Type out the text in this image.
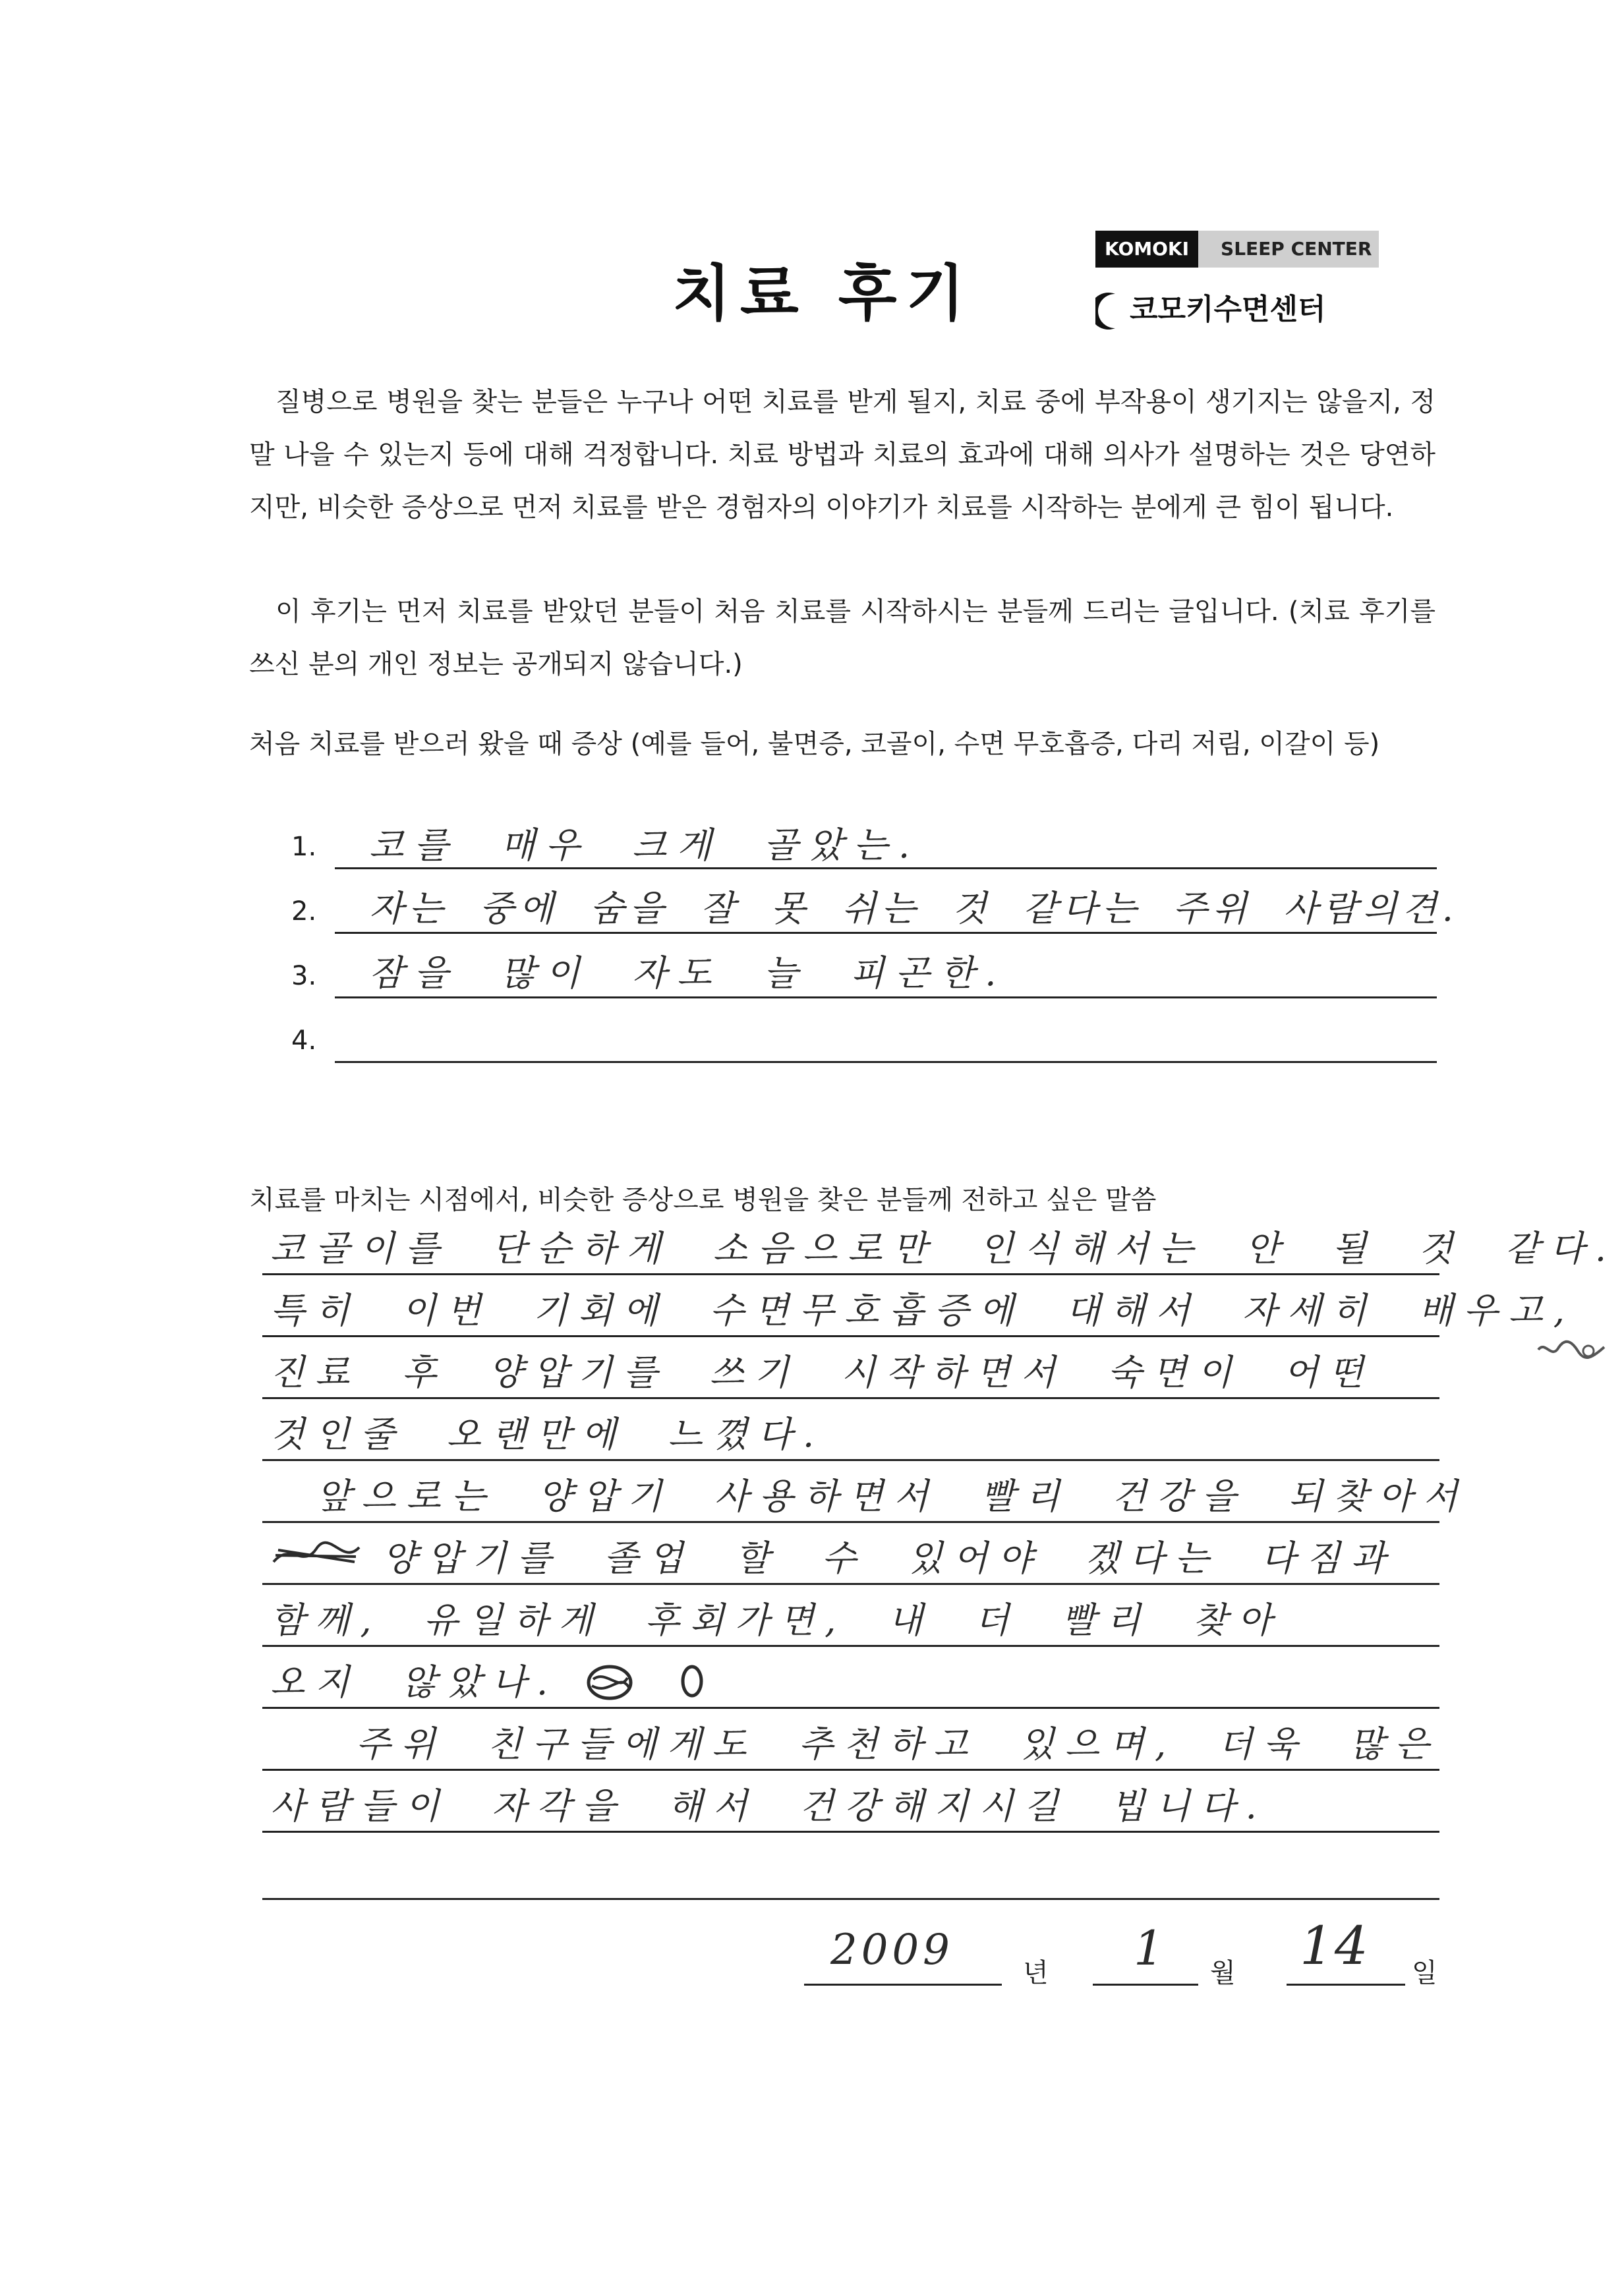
치료 후기
KOMOKI SLEEP CENTER
코모키수면센터
질병으로 병원을 찾는 분들은 누구나 어떤 치료를 받게 될지, 치료 중에 부작용이 생기지는 않을지, 정말 나을 수 있는지 등에 대해 걱정합니다. 치료 방법과 치료의 효과에 대해 의사가 설명하는 것은 당연하지만, 비슷한 증상으로 먼저 치료를 받은 경험자의 이야기가 치료를 시작하는 분에게 큰 힘이 됩니다.
이 후기는 먼저 치료를 받았던 분들이 처음 치료를 시작하시는 분들께 드리는 글입니다. (치료 후기를 쓰신 분의 개인 정보는 공개되지 않습니다.)
처음 치료를 받으러 왔을 때 증상 (예를 들어, 불면증, 코골이, 수면 무호흡증, 다리 저림, 이갈이 등)
1. 코를 매우 크게 골았는.
2. 자는 중에 숨을 잘 못 쉬는 것 같다는 주위 사람의견.
3. 잠을 많이 자도 늘 피곤한.
4.
치료를 마치는 시점에서, 비슷한 증상으로 병원을 찾은 분들께 전하고 싶은 말씀
코골이를 단순하게 소음으로만 인식해서는 안 될 것 같다.
특히 이번 기회에 수면무호흡증에 대해서 자세히 배우고,
진료 후 양압기를 쓰기 시작하면서 숙면이 어떤
것인줄 오랜만에 느꼈다.
앞으로는 양압기 사용하면서 빨리 건강을 되찾아서
양압기를 졸업 할 수 있어야 겠다는 다짐과
함께, 유일하게 후회가면, 내 더 빨리 찾아
오지 않았나.
주위 친구들에게도 추천하고 있으며, 더욱 많은
사람들이 자각을 해서 건강해지시길 빕니다.
2009	년 1 월 14 일
